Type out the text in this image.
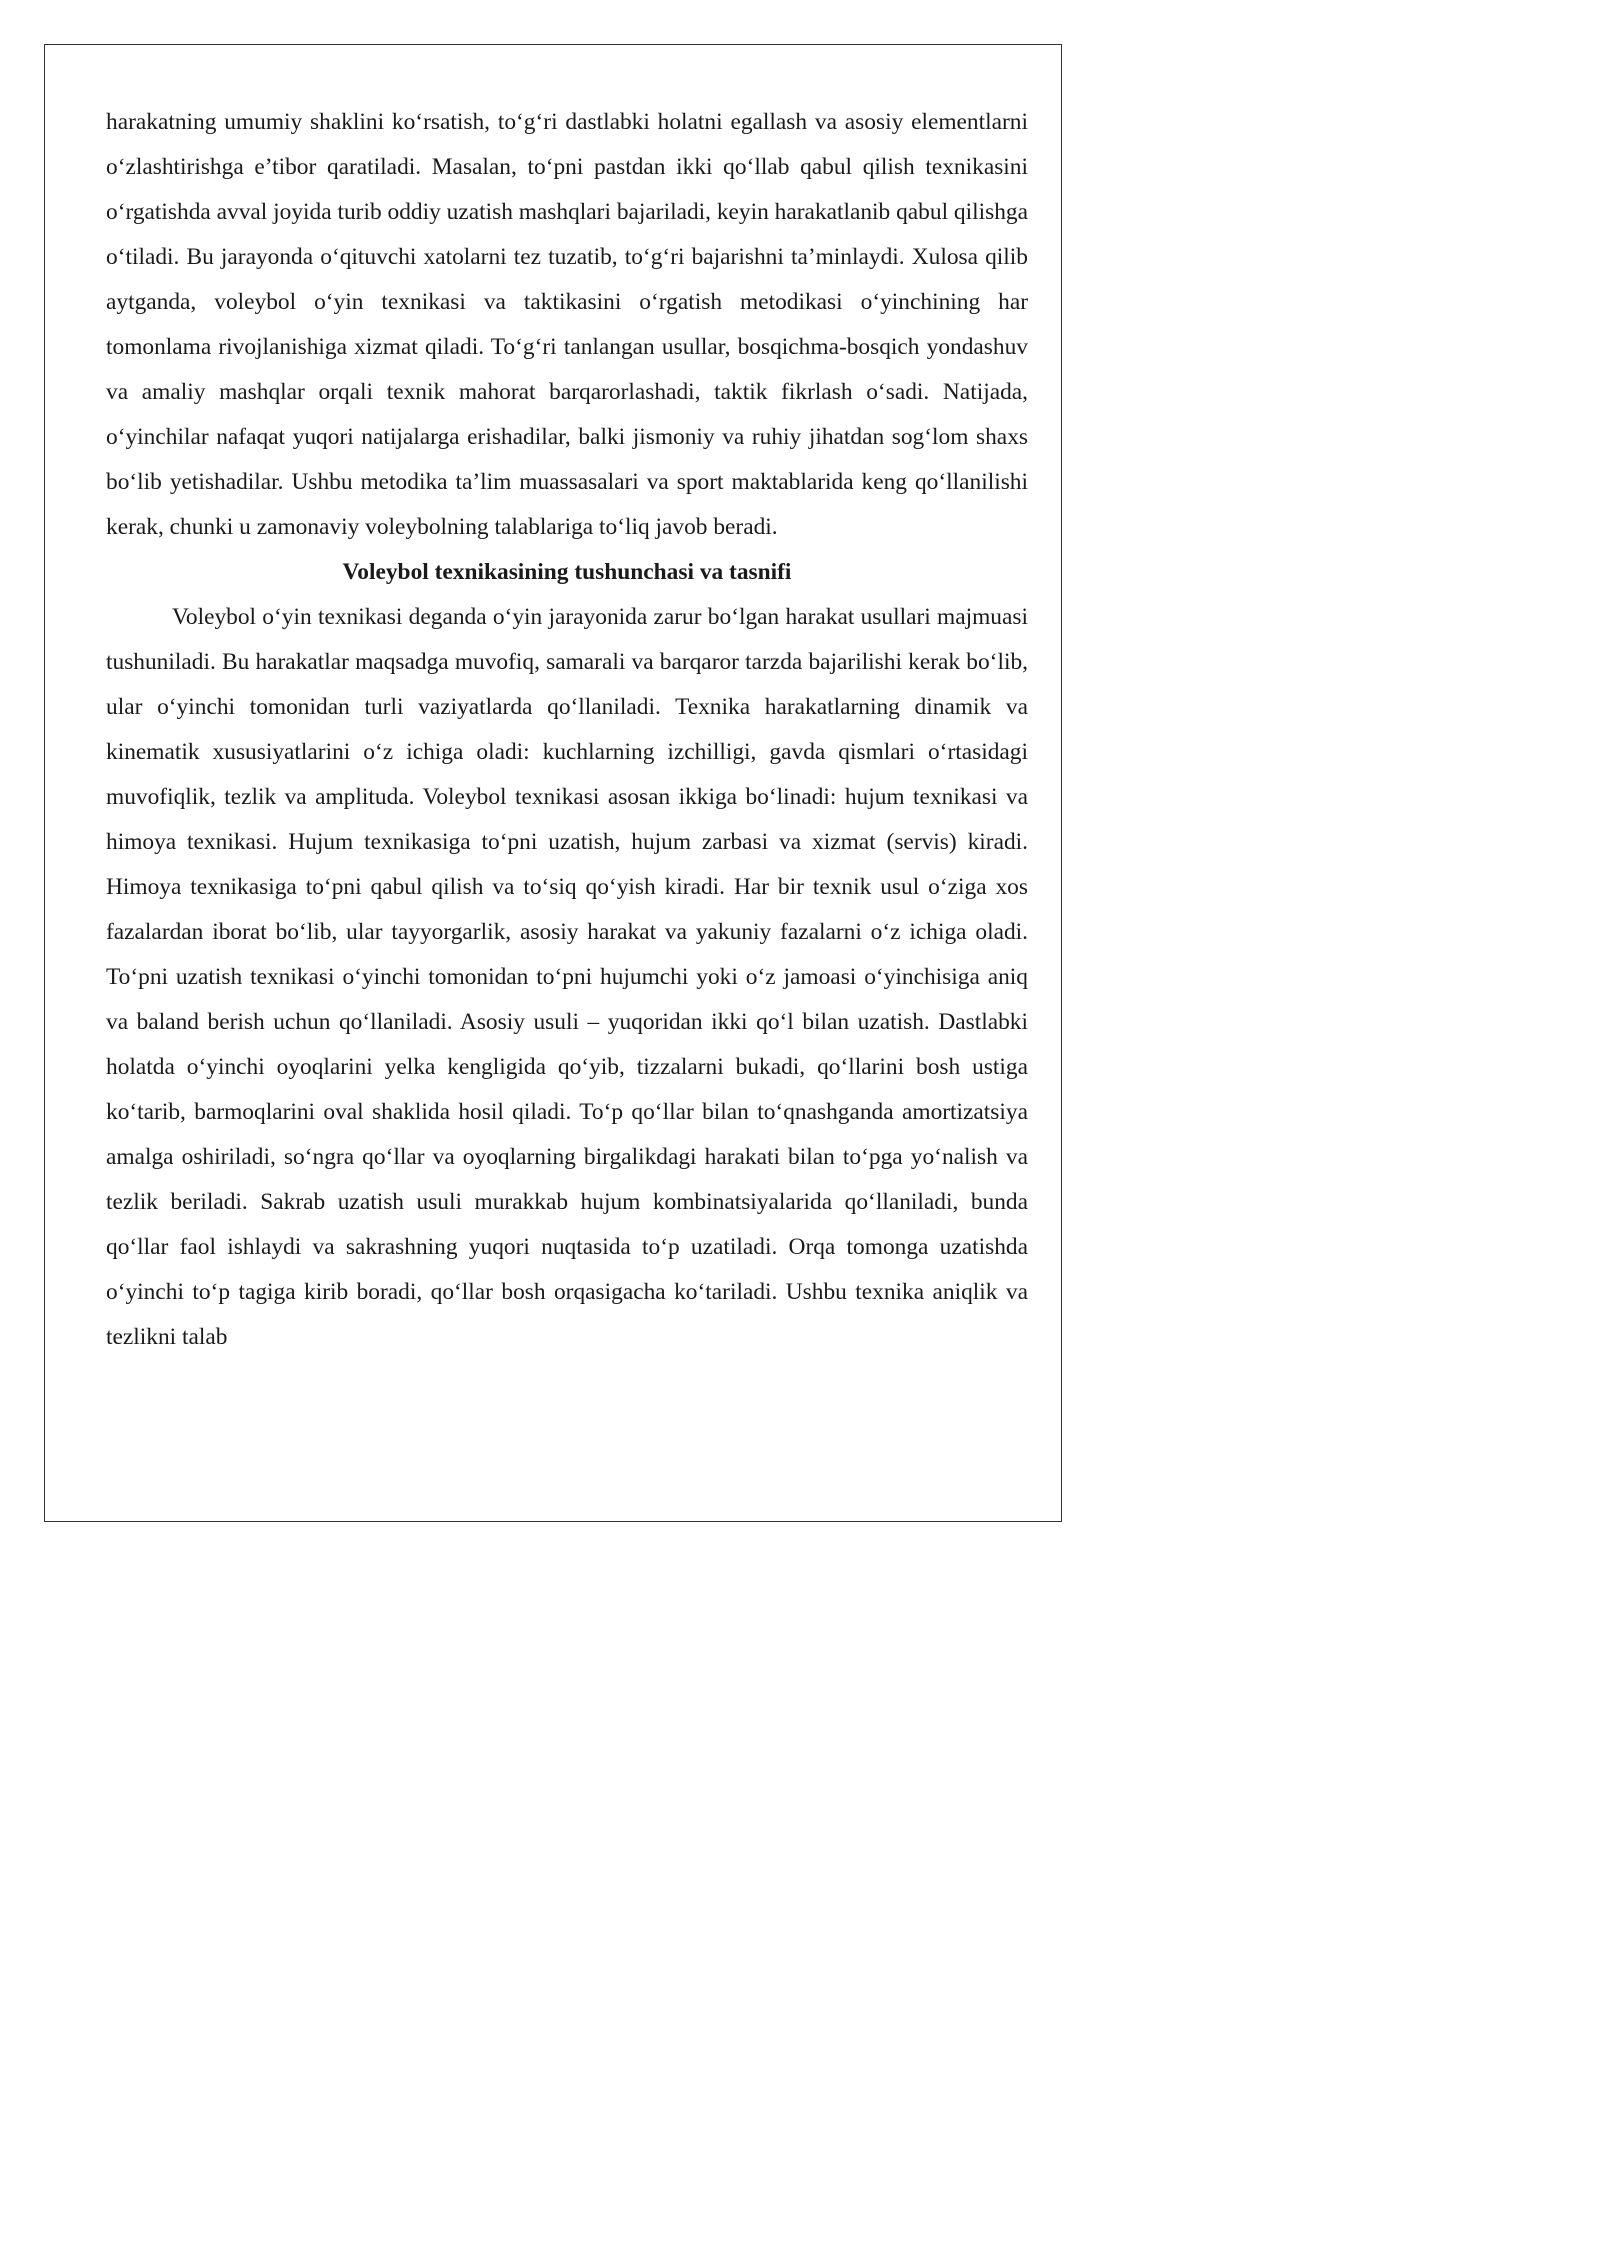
harakatning umumiy shaklini ko‘rsatish, to‘g‘ri dastlabki holatni egallash va asosiy elementlarni o‘zlashtirishga e’tibor qaratiladi. Masalan, to‘pni pastdan ikki qo‘llab qabul qilish texnikasini o‘rgatishda avval joyida turib oddiy uzatish mashqlari bajariladi, keyin harakatlanib qabul qilishga o‘tiladi. Bu jarayonda o‘qituvchi xatolarni tez tuzatib, to‘g‘ri bajarishni ta’minlaydi. Xulosa qilib aytganda, voleybol o‘yin texnikasi va taktikasini o‘rgatish metodikasi o‘yinchining har tomonlama rivojlanishiga xizmat qiladi. To‘g‘ri tanlangan usullar, bosqichma-bosqich yondashuv va amaliy mashqlar orqali texnik mahorat barqarorlashadi, taktik fikrlash o‘sadi. Natijada, o‘yinchilar nafaqat yuqori natijalarga erishadilar, balki jismoniy va ruhiy jihatdan sog‘lom shaxs bo‘lib yetishadilar. Ushbu metodika ta’lim muassasalari va sport maktablarida keng qo‘llanilishi kerak, chunki u zamonaviy voleybolning talablariga to‘liq javob beradi.

Voleybol texnikasining tushunchasi va tasnifi

Voleybol o‘yin texnikasi deganda o‘yin jarayonida zarur bo‘lgan harakat usullari majmuasi tushuniladi. Bu harakatlar maqsadga muvofiq, samarali va barqaror tarzda bajarilishi kerak bo‘lib, ular o‘yinchi tomonidan turli vaziyatlarda qo‘llaniladi. Texnika harakatlarning dinamik va kinematik xususiyatlarini o‘z ichiga oladi: kuchlarning izchilligi, gavda qismlari o‘rtasidagi muvofiqlik, tezlik va amplituda. Voleybol texnikasi asosan ikkiga bo‘linadi: hujum texnikasi va himoya texnikasi. Hujum texnikasiga to‘pni uzatish, hujum zarbasi va xizmat (servis) kiradi. Himoya texnikasiga to‘pni qabul qilish va to‘siq qo‘yish kiradi. Har bir texnik usul o‘ziga xos fazalardan iborat bo‘lib, ular tayyorgarlik, asosiy harakat va yakuniy fazalarni o‘z ichiga oladi. To‘pni uzatish texnikasi o‘yinchi tomonidan to‘pni hujumchi yoki o‘z jamoasi o‘yinchisiga aniq va baland berish uchun qo‘llaniladi. Asosiy usuli – yuqoridan ikki qo‘l bilan uzatish. Dastlabki holatda o‘yinchi oyoqlarini yelka kengligida qo‘yib, tizzalarni bukadi, qo‘llarini bosh ustiga ko‘tarib, barmoqlarini oval shaklida hosil qiladi. To‘p qo‘llar bilan to‘qnashganda amortizatsiya amalga oshiriladi, so‘ngra qo‘llar va oyoqlarning birgalikdagi harakati bilan to‘pga yo‘nalish va tezlik beriladi. Sakrab uzatish usuli murakkab hujum kombinatsiyalarida qo‘llaniladi, bunda qo‘llar faol ishlaydi va sakrashning yuqori nuqtasida to‘p uzatiladi. Orqa tomonga uzatishda o‘yinchi to‘p tagiga kirib boradi, qo‘llar bosh orqasigacha ko‘tariladi. Ushbu texnika aniqlik va tezlikni talab
